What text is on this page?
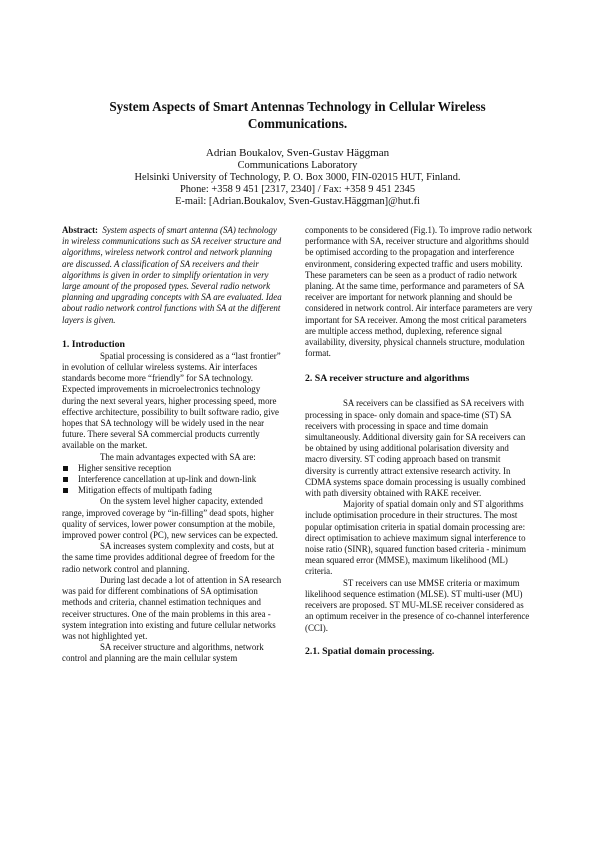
System Aspects of Smart Antennas Technology in Cellular Wireless Communications.
Adrian Boukalov, Sven-Gustav Häggman
Communications Laboratory
Helsinki University of Technology, P. O. Box 3000, FIN-02015 HUT, Finland.
Phone: +358 9 451 [2317, 2340] / Fax: +358 9 451 2345
E-mail: [Adrian.Boukalov, Sven-Gustav.Häggman]@hut.fi

Abstract: System aspects of smart antenna (SA) technology in wireless communications such as SA receiver structure and algorithms, wireless network control and network planning are discussed. A classification of SA receivers and their algorithms is given in order to simplify orientation in very large amount of the proposed types. Several radio network planning and upgrading concepts with SA are evaluated. Idea about radio network control functions with SA at the different layers is given.

1. Introduction

Spatial processing is considered as a “last frontier” in evolution of cellular wireless systems. Air interfaces standards become more “friendly” for SA technology. Expected improvements in microelectronics technology during the next several years, higher processing speed, more effective architecture, possibility to built software radio, give hopes that SA technology will be widely used in the near future. There several SA commercial products currently available on the market.

The main advantages expected with SA are:

Higher sensitive reception
Interference cancellation at up-link and down-link
Mitigation effects of multipath fading

On the system level higher capacity, extended range, improved coverage by “in-filling” dead spots, higher quality of services, lower power consumption at the mobile, improved power control (PC), new services can be expected.

SA increases system complexity and costs, but at the same time provides additional degree of freedom for the radio network control and planning.

During last decade a lot of attention in SA research was paid for different combinations of SA optimisation methods and criteria, channel estimation techniques and receiver structures. One of the main problems in this area - system integration into existing and future cellular networks was not highlighted yet.

SA receiver structure and algorithms, network control and planning are the main cellular system

components to be considered (Fig.1). To improve radio network performance with SA, receiver structure and algorithms should be optimised according to the propagation and interference environment, considering expected traffic and users mobility. These parameters can be seen as a product of radio network planing. At the same time, performance and parameters of SA receiver are important for network planning and should be considered in network control. Air interface parameters are very important for SA receiver. Among the most critical parameters are multiple access method, duplexing, reference signal availability, diversity, physical channels structure, modulation format.

2. SA receiver structure and algorithms

SA receivers can be classified as SA receivers with processing in space- only domain and space-time (ST) SA receivers with processing in space and time domain simultaneously. Additional diversity gain for SA receivers can be obtained by using additional polarisation diversity and macro diversity. ST coding approach based on transmit diversity is currently attract extensive research activity. In CDMA systems space domain processing is usually combined with path diversity obtained with RAKE receiver.

Majority of spatial domain only and ST algorithms include optimisation procedure in their structures. The most popular optimisation criteria in spatial domain processing are: direct optimisation to achieve maximum signal interference to noise ratio (SINR), squared function based criteria - minimum mean squared error (MMSE), maximum likelihood (ML) criteria.

ST receivers can use MMSE criteria or maximum likelihood sequence estimation (MLSE). ST multi-user (MU) receivers are proposed. ST MU-MLSE receiver considered as an optimum receiver in the presence of co-channel interference (CCI).

2.1. Spatial domain processing.
